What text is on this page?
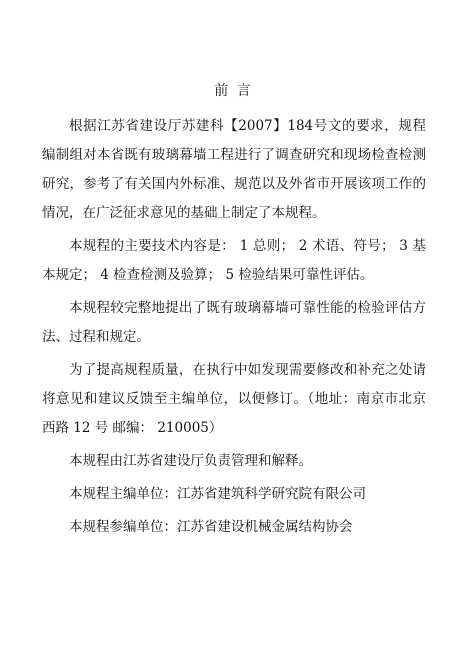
前 言

根据江苏省建设厅苏建科【2007】184号文的要求，规程编制组对本省既有玻璃幕墙工程进行了调查研究和现场检查检测研究，参考了有关国内外标准、规范以及外省市开展该项工作的情况，在广泛征求意见的基础上制定了本规程。

本规程的主要技术内容是： 1 总则； 2 术语、符号； 3 基本规定； 4 检查检测及验算； 5 检验结果可靠性评估。

本规程较完整地提出了既有玻璃幕墙可靠性能的检验评估方法、过程和规定。

为了提高规程质量，在执行中如发现需要修改和补充之处请将意见和建议反馈至主编单位，以便修订。（地址：南京市北京西路 12 号 邮编： 210005）

本规程由江苏省建设厅负责管理和解释。

本规程主编单位：江苏省建筑科学研究院有限公司

本规程参编单位：江苏省建设机械金属结构协会
